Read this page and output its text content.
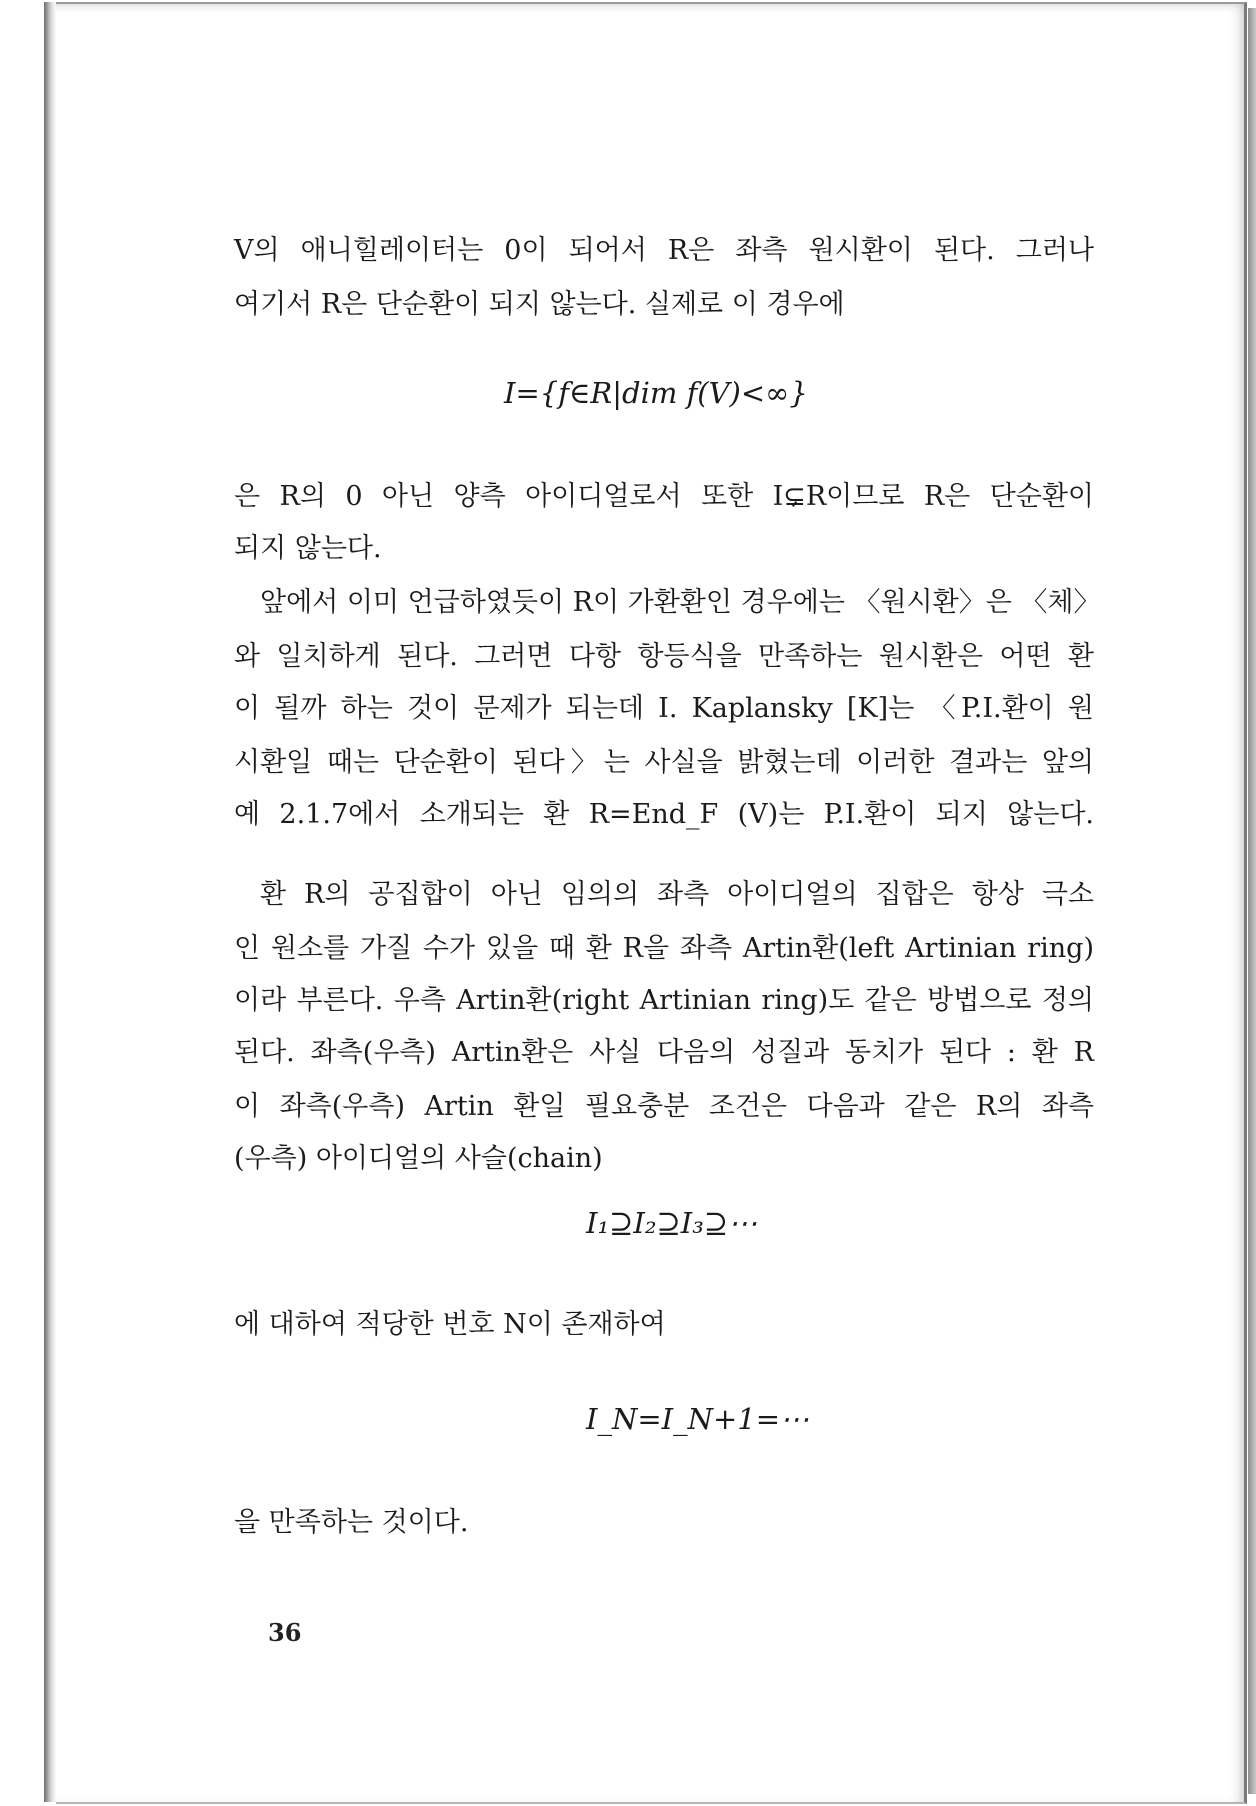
V의 애니힐레이터는 0이 되어서 R은 좌측 원시환이 된다. 그러나
여기서 R은 단순환이 되지 않는다. 실제로 이 경우에
I={f∈R|dim f(V)<∞}
은 R의 0 아닌 양측 아이디얼로서 또한 I⊊R이므로 R은 단순환이
되지 않는다.
앞에서 이미 언급하였듯이 R이 가환환인 경우에는 〈원시환〉은 〈체〉
와 일치하게 된다. 그러면 다항 항등식을 만족하는 원시환은 어떤 환
이 될까 하는 것이 문제가 되는데 I. Kaplansky [K]는 〈P.I.환이 원
시환일 때는 단순환이 된다〉는 사실을 밝혔는데 이러한 결과는 앞의
예 2.1.7에서 소개되는 환 R=End_F (V)는 P.I.환이 되지 않는다.
환 R의 공집합이 아닌 임의의 좌측 아이디얼의 집합은 항상 극소
인 원소를 가질 수가 있을 때 환 R을 좌측 Artin환(left Artinian ring)
이라 부른다. 우측 Artin환(right Artinian ring)도 같은 방법으로 정의
된다. 좌측(우측) Artin환은 사실 다음의 성질과 동치가 된다 : 환 R
이 좌측(우측) Artin 환일 필요충분 조건은 다음과 같은 R의 좌측
(우측) 아이디얼의 사슬(chain)
I₁⊇I₂⊇I₃⊇⋯
에 대하여 적당한 번호 N이 존재하여
I_N=I_N+1=⋯
을 만족하는 것이다.
36
